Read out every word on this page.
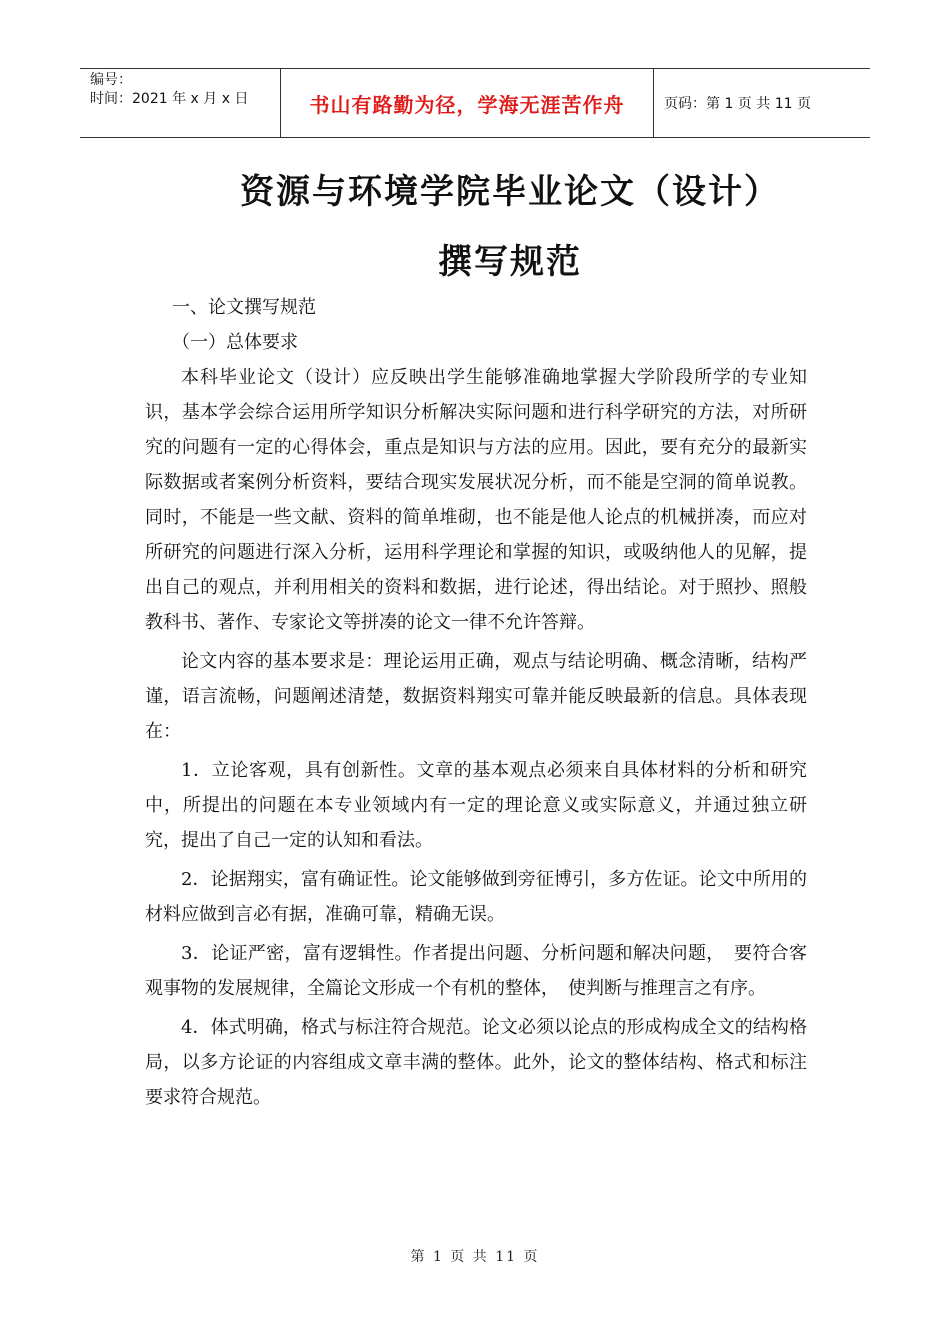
编号：
时间：2021 年 x 月 x 日	书山有路勤为径，学海无涯苦作舟	页码：第 1 页 共 11 页
资源与环境学院毕业论文（设计）
撰写规范

一、论文撰写规范

（一）总体要求

本科毕业论文（设计）应反映出学生能够准确地掌握大学阶段所学的专业知识，基本学会综合运用所学知识分析解决实际问题和进行科学研究的方法，对所研究的问题有一定的心得体会，重点是知识与方法的应用。因此，要有充分的最新实际数据或者案例分析资料，要结合现实发展状况分析，而不能是空洞的简单说教。同时，不能是一些文献、资料的简单堆砌，也不能是他人论点的机械拼凑，而应对所研究的问题进行深入分析，运用科学理论和掌握的知识，或吸纳他人的见解，提出自己的观点，并利用相关的资料和数据，进行论述，得出结论。对于照抄、照般教科书、著作、专家论文等拼凑的论文一律不允许答辩。

论文内容的基本要求是：理论运用正确，观点与结论明确、概念清晰，结构严谨，语言流畅，问题阐述清楚，数据资料翔实可靠并能反映最新的信息。具体表现在：

1．立论客观，具有创新性。文章的基本观点必须来自具体材料的分析和研究中，所提出的问题在本专业领域内有一定的理论意义或实际意义，并通过独立研究，提出了自己一定的认知和看法。

2．论据翔实，富有确证性。论文能够做到旁征博引，多方佐证。论文中所用的材料应做到言必有据，准确可靠，精确无误。

3．论证严密，富有逻辑性。作者提出问题、分析问题和解决问题，　要符合客观事物的发展规律，全篇论文形成一个有机的整体，　使判断与推理言之有序。

4．体式明确，格式与标注符合规范。论文必须以论点的形成构成全文的结构格局，以多方论证的内容组成文章丰满的整体。此外，论文的整体结构、格式和标注要求符合规范。

第 1 页 共 11 页
